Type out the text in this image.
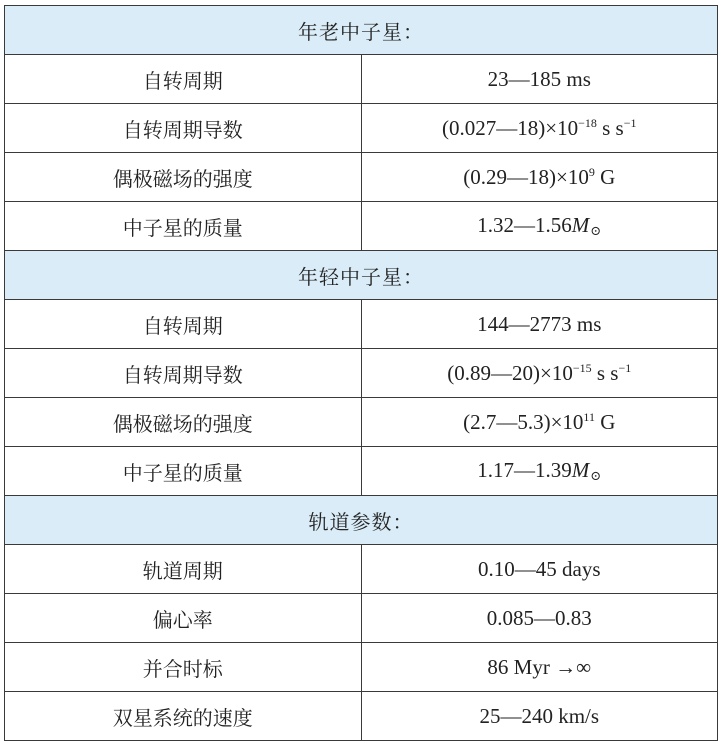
年老中子星：	
自转周期	23—185 ms
自转周期导数	$(0.027—18)\times 10^{-18}$ s $s^{-1}$
偶极磁场的强度	$(0.29—18)\times 10^9$ G
中子星的质量	1.32—1.56M⊙
年轻中子星：	
自转周期	144—2773 ms
自转周期导数	$(0.89—20)\times 10^{-15}$ s $s^{-1}$
偶极磁场的强度	$(2.7—5.3)\times 10^{11}$ G
中子星的质量	1.17—1.39M⊙
轨道参数：	
轨道周期	0.10—45 days
偏心率	0.085—0.83
并合时标	86 Myr →∞
双星系统的速度	25—240 km/s
